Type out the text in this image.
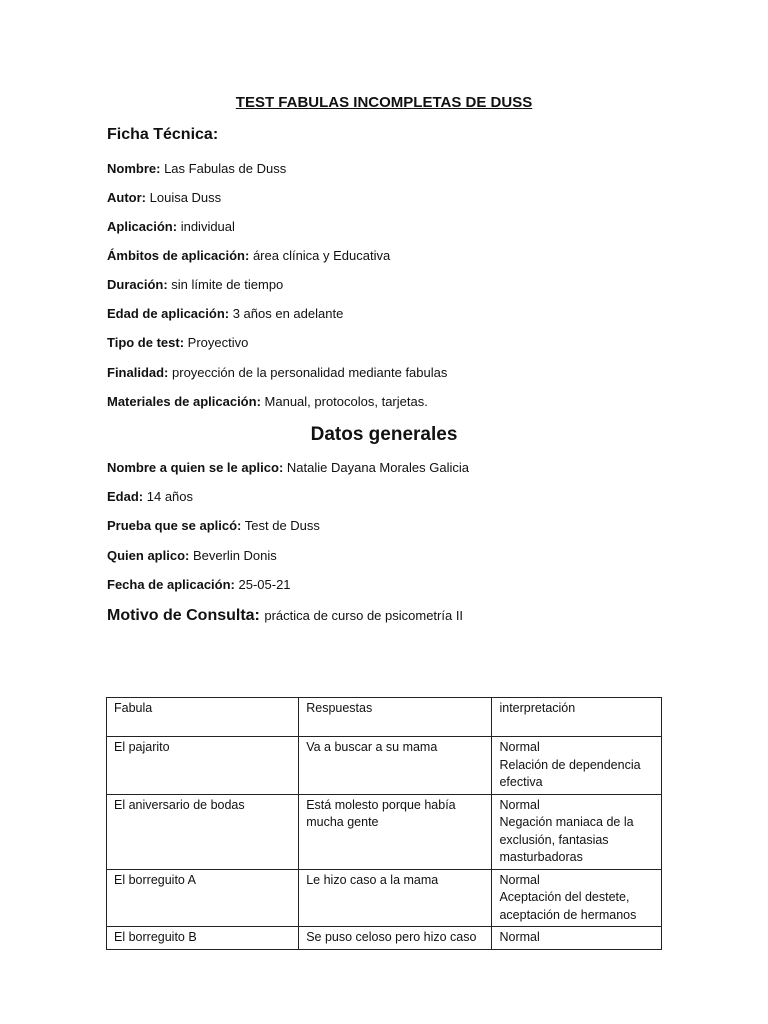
TEST FABULAS INCOMPLETAS DE DUSS
Ficha Técnica:
Nombre: Las Fabulas de Duss
Autor: Louisa Duss
Aplicación: individual
Ámbitos de aplicación: área clínica y Educativa
Duración: sin límite de tiempo
Edad de aplicación: 3 años en adelante
Tipo de test: Proyectivo
Finalidad: proyección de la personalidad mediante fabulas
Materiales de aplicación: Manual, protocolos, tarjetas.
Datos generales
Nombre a quien se le aplico: Natalie Dayana Morales Galicia
Edad: 14 años
Prueba que se aplicó: Test de Duss
Quien aplico: Beverlin Donis
Fecha de aplicación: 25-05-21
Motivo de Consulta: práctica de curso de psicometría II
Fabula	Respuestas	interpretación
El pajarito	Va a buscar a su mama	Normal
Relación de dependencia efectiva

El aniversario de bodas	Está molesto porque había mucha gente	Normal
Negación maniaca de la exclusión, fantasias masturbadoras

El borreguito A	Le hizo caso a la mama	Normal
Aceptación del destete, aceptación de hermanos

El borreguito B	Se puso celoso pero hizo caso	Normal
